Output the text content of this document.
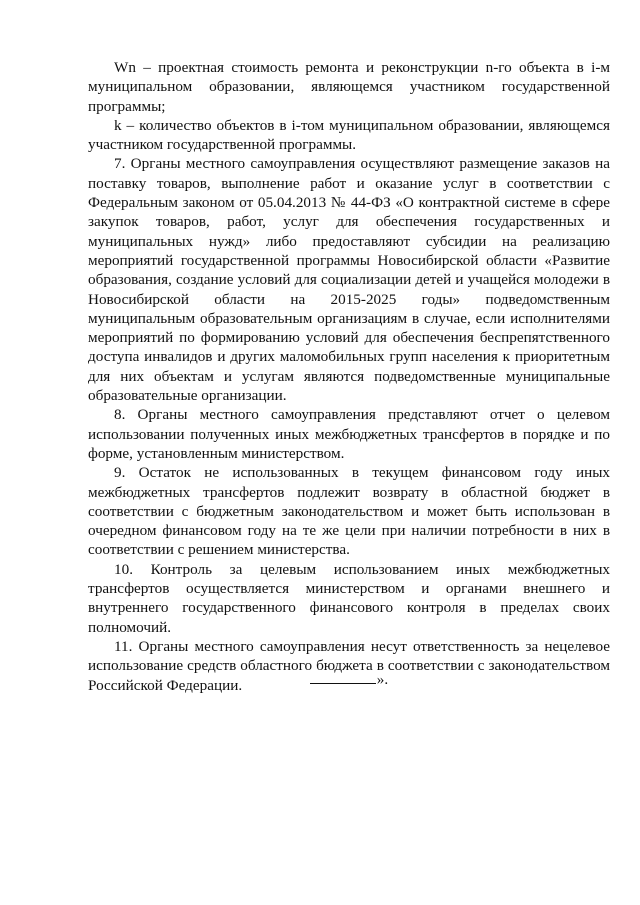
Wn – проектная стоимость ремонта и реконструкции n-го объекта в i-м муниципальном образовании, являющемся участником государственной программы;

k – количество объектов в i-том муниципальном образовании, являющемся участником государственной программы.

7. Органы местного самоуправления осуществляют размещение заказов на поставку товаров, выполнение работ и оказание услуг в соответствии с Федеральным законом от 05.04.2013 № 44-ФЗ «О контрактной системе в сфере закупок товаров, работ, услуг для обеспечения государственных и муниципальных нужд» либо предоставляют субсидии на реализацию мероприятий государственной программы Новосибирской области «Развитие образования, создание условий для социализации детей и учащейся молодежи в Новосибирской области на 2015-2025 годы» подведомственным муниципальным образовательным организациям в случае, если исполнителями мероприятий по формированию условий для обеспечения беспрепятственного доступа инвалидов и других маломобильных групп населения к приоритетным для них объектам и услугам являются подведомственные муниципальные образовательные организации.

8. Органы местного самоуправления представляют отчет о целевом использовании полученных иных межбюджетных трансфертов в порядке и по форме, установленным министерством.

9. Остаток не использованных в текущем финансовом году иных межбюджетных трансфертов подлежит возврату в областной бюджет в соответствии с бюджетным законодательством и может быть использован в очередном финансовом году на те же цели при наличии потребности в них в соответствии с решением министерства.

10. Контроль за целевым использованием иных межбюджетных трансфертов осуществляется министерством и органами внешнего и внутреннего государственного финансового контроля в пределах своих полномочий.

11. Органы местного самоуправления несут ответственность за нецелевое использование средств областного бюджета в соответствии с законодательством Российской Федерации.	».
